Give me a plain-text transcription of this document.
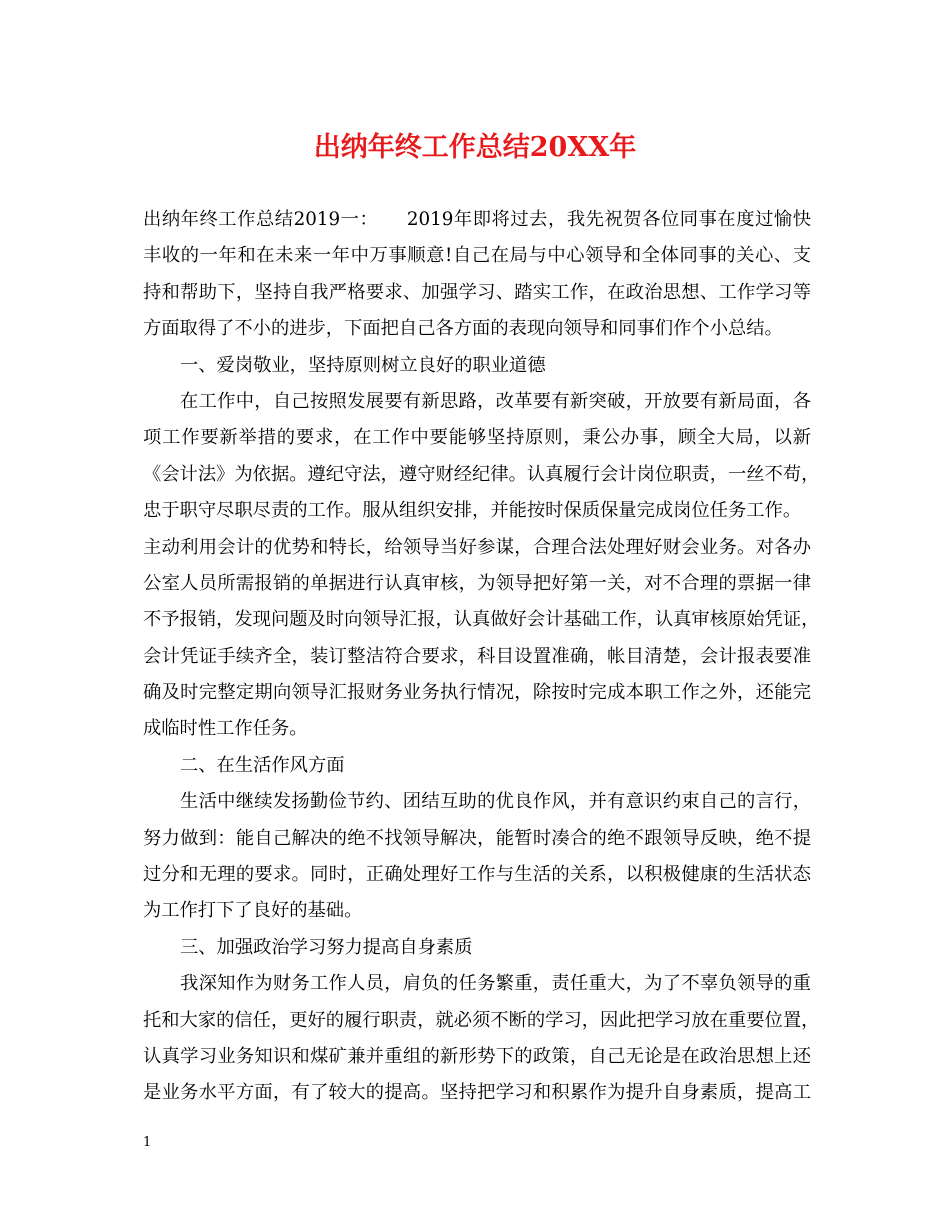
出纳年终工作总结20XX年

出纳年终工作总结2019一：　　2019年即将过去，我先祝贺各位同事在度过愉快

丰收的一年和在未来一年中万事顺意!自己在局与中心领导和全体同事的关心、支

持和帮助下，坚持自我严格要求、加强学习、踏实工作，在政治思想、工作学习等

方面取得了不小的进步，下面把自己各方面的表现向领导和同事们作个小总结。

一、爱岗敬业，坚持原则树立良好的职业道德

在工作中，自己按照发展要有新思路，改革要有新突破，开放要有新局面，各

项工作要新举措的要求，在工作中要能够坚持原则，秉公办事，顾全大局，以新

《会计法》为依据。遵纪守法，遵守财经纪律。认真履行会计岗位职责，一丝不苟，

忠于职守尽职尽责的工作。服从组织安排，并能按时保质保量完成岗位任务工作。

主动利用会计的优势和特长，给领导当好参谋，合理合法处理好财会业务。对各办

公室人员所需报销的单据进行认真审核，为领导把好第一关，对不合理的票据一律

不予报销，发现问题及时向领导汇报，认真做好会计基础工作，认真审核原始凭证，

会计凭证手续齐全，装订整洁符合要求，科目设置准确，帐目清楚，会计报表要准

确及时完整定期向领导汇报财务业务执行情况，除按时完成本职工作之外，还能完

成临时性工作任务。

二、在生活作风方面

生活中继续发扬勤俭节约、团结互助的优良作风，并有意识约束自己的言行，

努力做到：能自己解决的绝不找领导解决，能暂时凑合的绝不跟领导反映，绝不提

过分和无理的要求。同时，正确处理好工作与生活的关系，以积极健康的生活状态

为工作打下了良好的基础。

三、加强政治学习努力提高自身素质

我深知作为财务工作人员，肩负的任务繁重，责任重大，为了不辜负领导的重

托和大家的信任，更好的履行职责，就必须不断的学习，因此把学习放在重要位置，

认真学习业务知识和煤矿兼并重组的新形势下的政策，自己无论是在政治思想上还

是业务水平方面，有了较大的提高。坚持把学习和积累作为提升自身素质，提高工

1
